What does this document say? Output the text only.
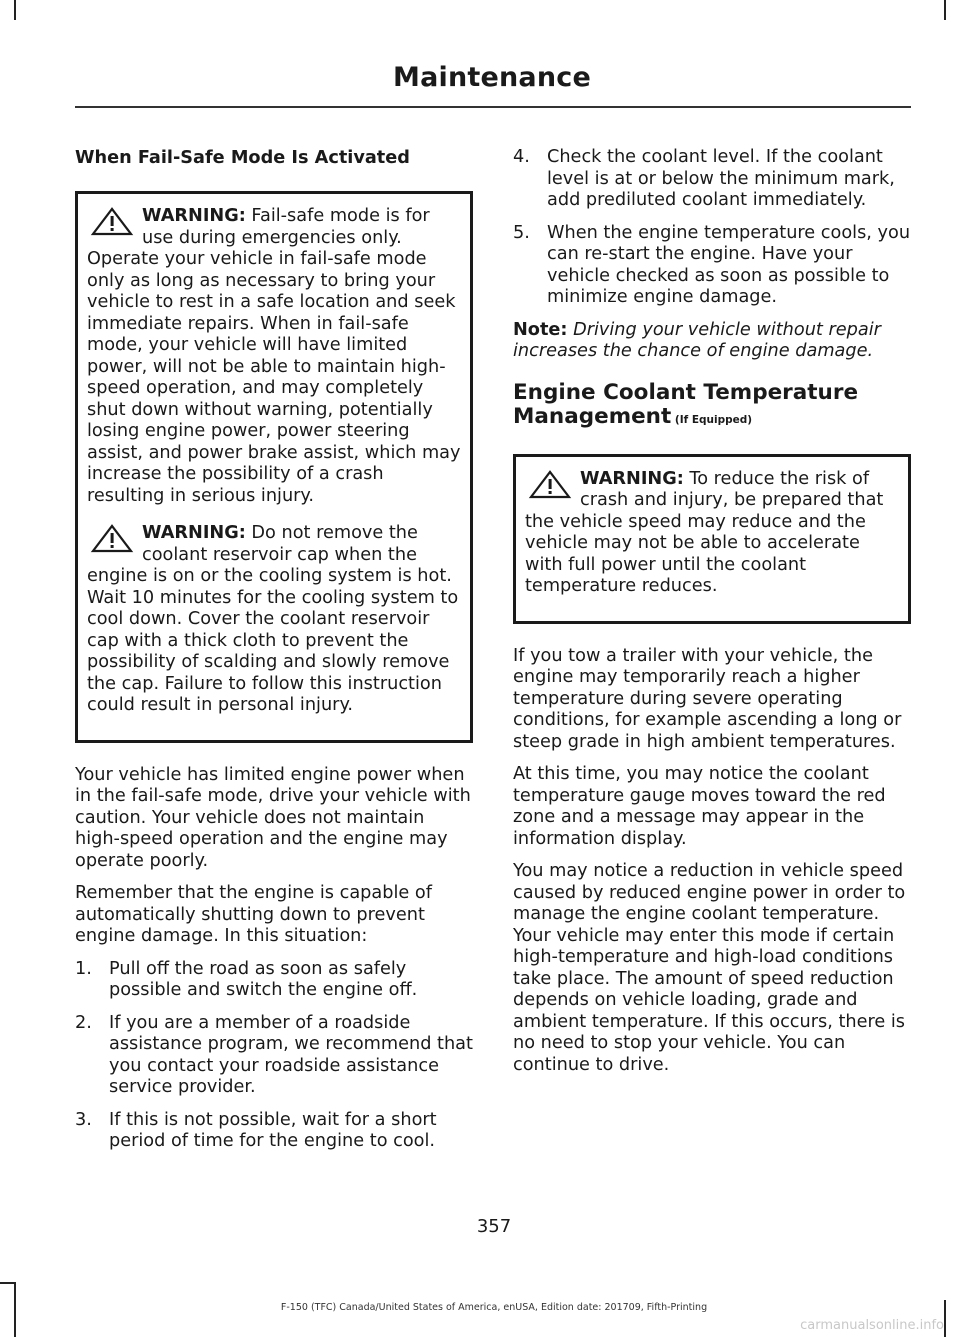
Maintenance
When Fail-Safe Mode Is Activated

WARNING: Fail-safe mode is for use during emergencies only. Operate your vehicle in fail-safe mode only as long as necessary to bring your vehicle to rest in a safe location and seek immediate repairs. When in fail-safe mode, your vehicle will have limited power, will not be able to maintain high-speed operation, and may completely shut down without warning, potentially losing engine power, power steering assist, and power brake assist, which may increase the possibility of a crash resulting in serious injury.

WARNING: Do not remove the coolant reservoir cap when the engine is on or the cooling system is hot. Wait 10 minutes for the cooling system to cool down. Cover the coolant reservoir cap with a thick cloth to prevent the possibility of scalding and slowly remove the cap. Failure to follow this instruction could result in personal injury.

Your vehicle has limited engine power when in the fail-safe mode, drive your vehicle with caution. Your vehicle does not maintain high-speed operation and the engine may operate poorly.

Remember that the engine is capable of automatically shutting down to prevent engine damage. In this situation:

1. Pull off the road as soon as safely possible and switch the engine off.
2. If you are a member of a roadside assistance program, we recommend that you contact your roadside assistance service provider.
3. If this is not possible, wait for a short period of time for the engine to cool.
4. Check the coolant level. If the coolant level is at or below the minimum mark, add prediluted coolant immediately.
5. When the engine temperature cools, you can re-start the engine. Have your vehicle checked as soon as possible to minimize engine damage.

Note: Driving your vehicle without repair increases the chance of engine damage.

Engine Coolant Temperature Management (If Equipped)

WARNING: To reduce the risk of crash and injury, be prepared that the vehicle speed may reduce and the vehicle may not be able to accelerate with full power until the coolant temperature reduces.

If you tow a trailer with your vehicle, the engine may temporarily reach a higher temperature during severe operating conditions, for example ascending a long or steep grade in high ambient temperatures.

At this time, you may notice the coolant temperature gauge moves toward the red zone and a message may appear in the information display.

You may notice a reduction in vehicle speed caused by reduced engine power in order to manage the engine coolant temperature. Your vehicle may enter this mode if certain high-temperature and high-load conditions take place. The amount of speed reduction depends on vehicle loading, grade and ambient temperature. If this occurs, there is no need to stop your vehicle. You can continue to drive.

357
F-150 (TFC) Canada/United States of America, enUSA, Edition date: 201709, Fifth-Printing
carmanualsonline.info
